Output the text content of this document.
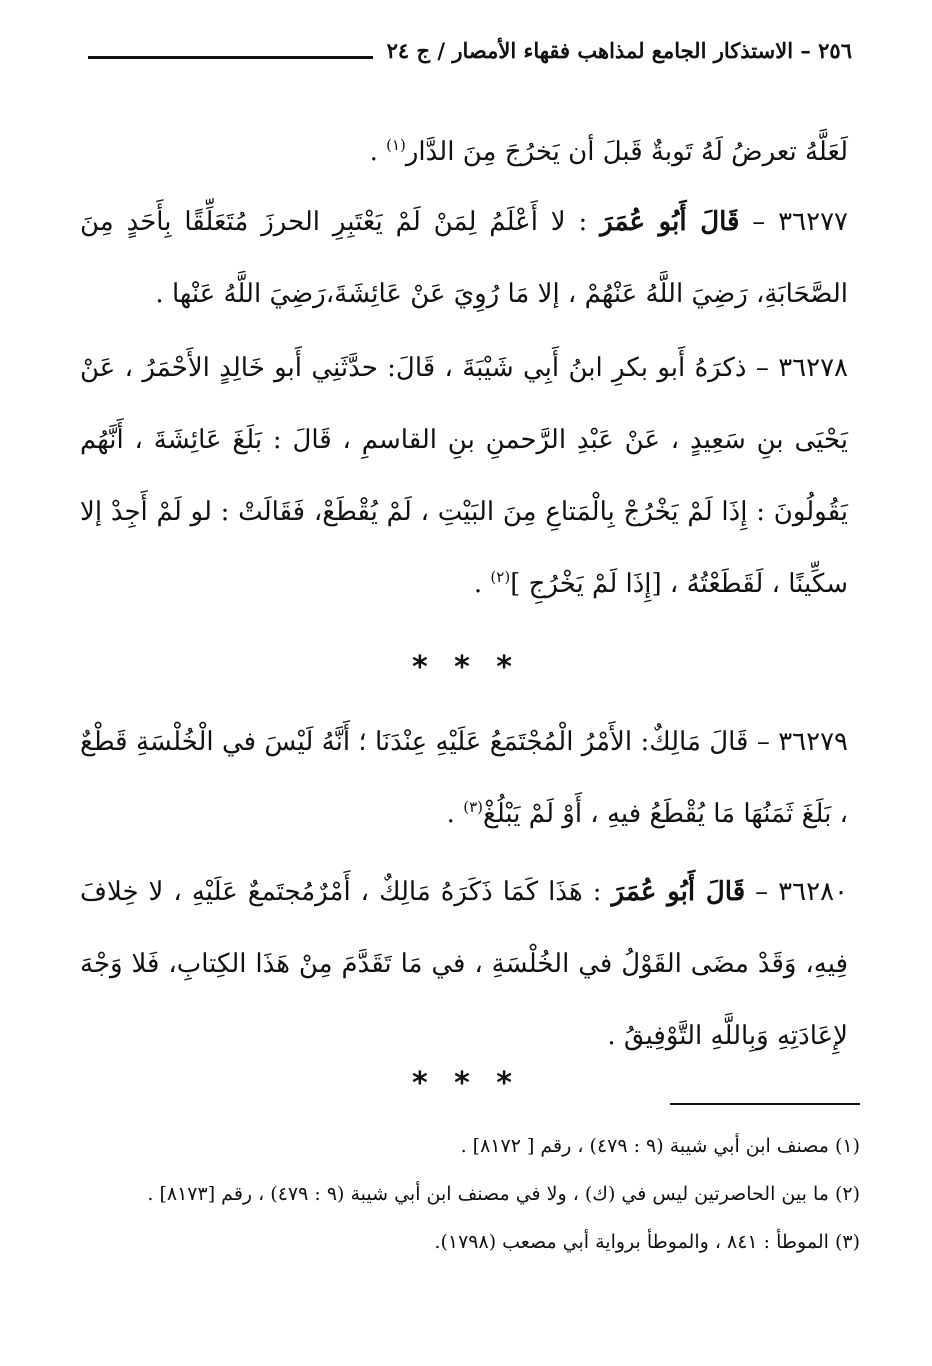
٢٥٦ – الاستذكار الجامع لمذاهب فقهاء الأمصار / ج ٢٤

لَعَلَّهُ تعرضُ لَهُ تَوبةٌ قَبلَ أن يَخرُجَ مِنَ الدَّار$^{(١)}$ .

٣٦٢٧٧ – قَالَ أَبُو عُمَرَ : لا أَعْلَمُ لِمَنْ لَمْ يَعْتَبِرِ الحرزَ مُتَعَلِّقًا بِأَحَدٍ مِنَ الصَّحَابَةِ، رَضِيَ اللَّهُ عَنْهُمْ ، إلا مَا رُوِيَ عَنْ عَائِشَةَ،رَضِيَ اللَّهُ عَنْها .

٣٦٢٧٨ – ذكرَهُ أَبو بكرِ ابنُ أَبِي شَيْبَةَ ، قَالَ: حدَّثَنِي أَبو خَالِدٍ الأَحْمَرُ ، عَنْ يَحْيَى بنِ سَعِيدٍ ، عَنْ عَبْدِ الرَّحمنِ بنِ القاسمِ ، قَالَ : بَلَغَ عَائِشَةَ ، أَنَّهُم يَقُولُونَ : إِذَا لَمْ يَخْرُجْ بِالْمَتاعِ مِنَ البَيْتِ ، لَمْ يُقْطَعْ، فَقَالَتْ : لو لَمْ أَجِدْ إلا سكِّينًا ، لَقَطَعْتُهُ ، [إِذَا لَمْ يَخْرُجِ ]$^{(٢)}$ .

* * *

٣٦٢٧٩ – قَالَ مَالِكٌ: الأَمْرُ الْمُجْتَمَعُ عَلَيْهِ عِنْدَنَا ؛ أَنَّهُ لَيْسَ في الْخُلْسَةِ قَطْعٌ ، بَلَغَ ثَمَنُهَا مَا يُقْطَعُ فيهِ ، أَوْ لَمْ يَبْلُغْ$^{(٣)}$ .

٣٦٢٨٠ – قَالَ أَبُو عُمَرَ : هَذَا كَمَا ذَكَرَهُ مَالِكٌ ، أَمْرٌمُجتَمعٌ عَلَيْهِ ، لا خِلافَ فِيهِ، وَقَدْ مضَى القَوْلُ في الخُلْسَةِ ، في مَا تَقَدَّمَ مِنْ هَذَا الكِتابِ، فَلا وَجْهَ لإِعَادَتِهِ وَبِاللَّهِ التَّوْفِيقُ .

* * *

(١) مصنف ابن أبي شيبة (٩ : ٤٧٩) ، رقم [ ٨١٧٢] .

(٢) ما بين الحاصرتين ليس في (ك) ، ولا في مصنف ابن أبي شيبة (٩ : ٤٧٩) ، رقم [٨١٧٣] .

(٣) الموطأ : ٨٤١ ، والموطأ برواية أبي مصعب (١٧٩٨).
